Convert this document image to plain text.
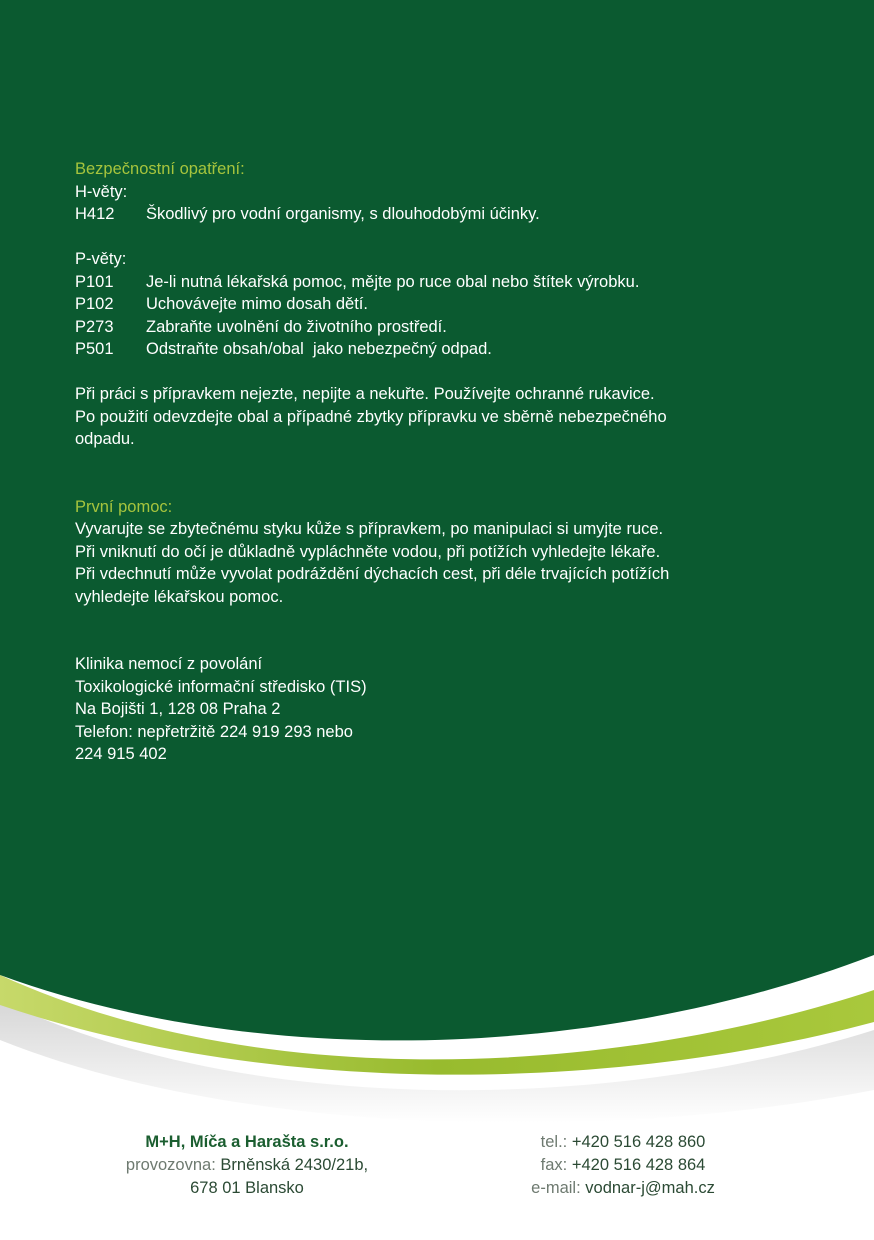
Bezpečnostní opatření:
H-věty:
H412	Škodlivý pro vodní organismy, s dlouhodobými účinky.
P-věty:
P101	Je-li nutná lékařská pomoc, mějte po ruce obal nebo štítek výrobku.
P102	Uchovávejte mimo dosah dětí.
P273	Zabraňte uvolnění do životního prostředí.
P501	Odstraňte obsah/obal  jako nebezpečný odpad.
Při práci s přípravkem nejezte, nepijte a nekuřte. Používejte ochranné rukavice.
Po použití odevzdejte obal a případné zbytky přípravku ve sběrně nebezpečného
odpadu.
První pomoc:
Vyvarujte se zbytečnému styku kůže s přípravkem, po manipulaci si umyjte ruce.
Při vniknutí do očí je důkladně vypláchněte vodou, při potížích vyhledejte lékaře.
Při vdechnutí může vyvolat podráždění dýchacích cest, při déle trvajících potížích
vyhledejte lékařskou pomoc.
Klinika nemocí z povolání
Toxikologické informační středisko (TIS)
Na Bojišti 1, 128 08 Praha 2
Telefon: nepřetržitě 224 919 293 nebo
224 915 402
M+H, Míča a Harašta s.r.o.
provozovna: Brněnská 2430/21b,
678 01 Blansko
tel.: +420 516 428 860
fax: +420 516 428 864
e-mail: vodnar-j@mah.cz
